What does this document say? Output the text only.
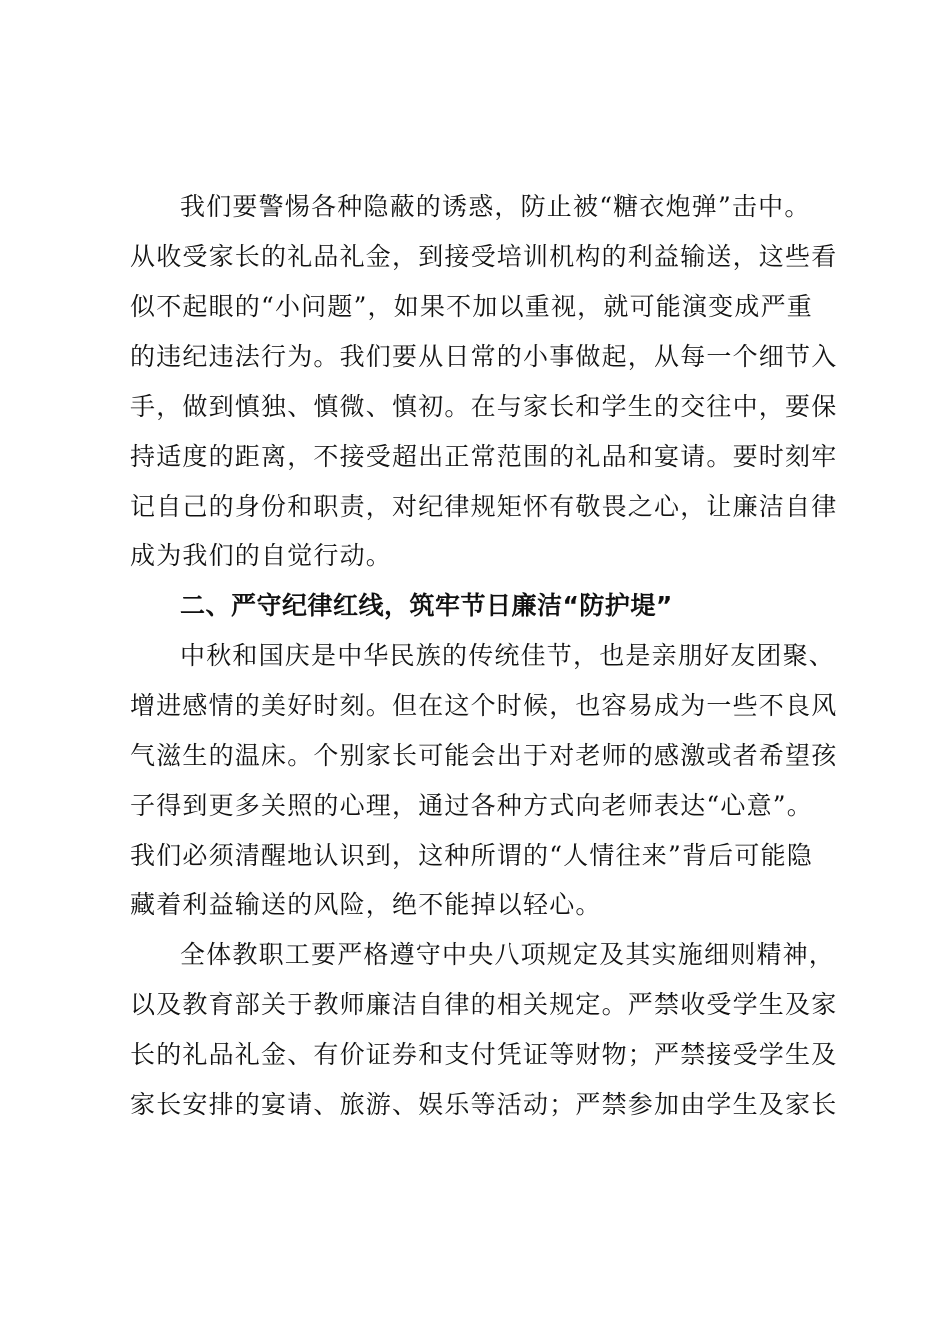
我们要警惕各种隐蔽的诱惑，防止被“糖衣炮弹”击中。

从收受家长的礼品礼金，到接受培训机构的利益输送，这些看

似不起眼的“小问题”，如果不加以重视，就可能演变成严重

的违纪违法行为。我们要从日常的小事做起，从每一个细节入

手，做到慎独、慎微、慎初。在与家长和学生的交往中，要保

持适度的距离，不接受超出正常范围的礼品和宴请。要时刻牢

记自己的身份和职责，对纪律规矩怀有敬畏之心，让廉洁自律

成为我们的自觉行动。

二、严守纪律红线，筑牢节日廉洁“防护堤”

中秋和国庆是中华民族的传统佳节，也是亲朋好友团聚、

增进感情的美好时刻。但在这个时候，也容易成为一些不良风

气滋生的温床。个别家长可能会出于对老师的感激或者希望孩

子得到更多关照的心理，通过各种方式向老师表达“心意”。

我们必须清醒地认识到，这种所谓的“人情往来”背后可能隐

藏着利益输送的风险，绝不能掉以轻心。

全体教职工要严格遵守中央八项规定及其实施细则精神，

以及教育部关于教师廉洁自律的相关规定。严禁收受学生及家

长的礼品礼金、有价证券和支付凭证等财物；严禁接受学生及

家长安排的宴请、旅游、娱乐等活动；严禁参加由学生及家长
